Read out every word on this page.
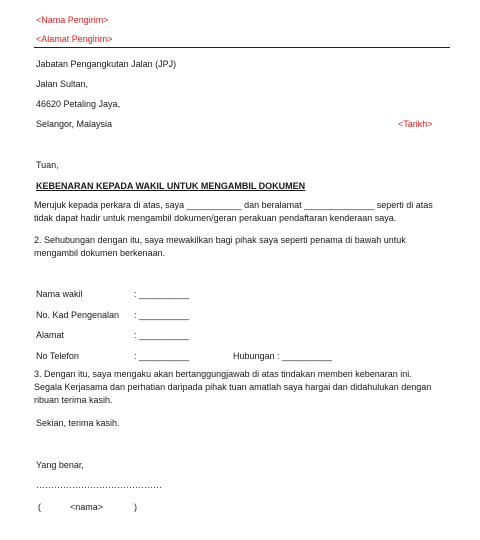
<Nama Pengirim>
<Alamat Pengirim>
Jabatan Pengangkutan Jalan (JPJ)
Jalan Sultan,
46620 Petaling Jaya,
Selangor, Malaysia	<Tarikh>
Tuan,
KEBENARAN KEPADA WAKIL UNTUK MENGAMBIL DOKUMEN
Merujuk kepada perkara di atas, saya ___________ dan beralamat ______________ seperti di atas
tidak dapat hadir untuk mengambil dokumen/geran perakuan pendaftaran kenderaan saya.
2. Sehubungan dengan itu, saya mewakilkan bagi pihak saya seperti penama di bawah untuk
mengambil dokumen berkenaan.
Nama wakil	: __________
No. Kad Pengenalan : __________
Alamat	: __________
No Telefon	: __________	Hubungan : __________
3. Dengan itu, saya mengaku akan bertanggungjawab di atas tindakan memberi kebenaran ini.
Segala Kerjasama dan perhatian daripada pihak tuan amatlah saya hargai dan didahulukan dengan
ribuan terima kasih.
Sekian, terima kasih.
Yang benar,
……………………………………
(	<nama>	)
